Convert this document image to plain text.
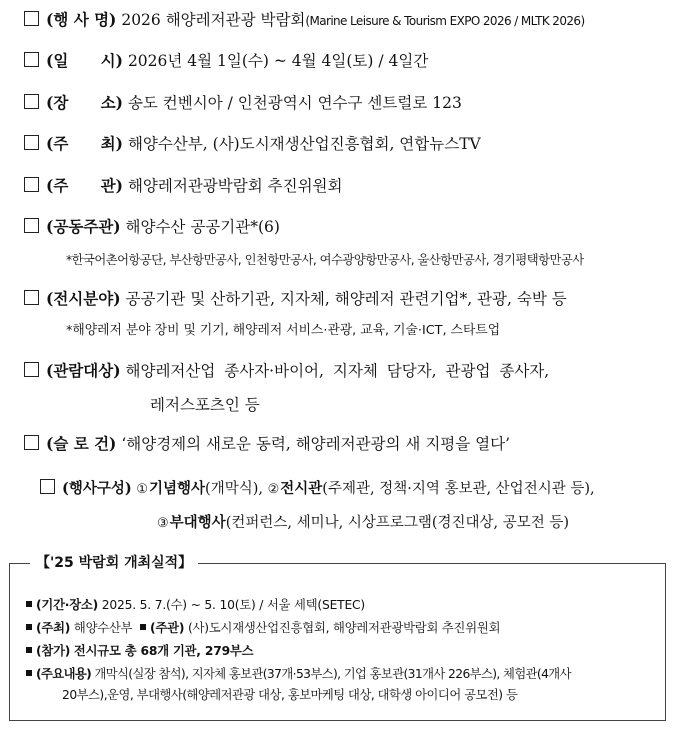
(행 사 명) 2026 해양레저관광 박람회(Marine Leisure & Tourism EXPO 2026 / MLTK 2026)
(일      시) 2026년 4월 1일(수) ~ 4월 4일(토) / 4일간
(장      소) 송도 컨벤시아 / 인천광역시 연수구 센트럴로 123
(주      최) 해양수산부, (사)도시재생산업진흥협회, 연합뉴스TV
(주      관) 해양레저관광박람회 추진위원회
(공동주관) 해양수산 공공기관*(6)
*한국어촌어항공단, 부산항만공사, 인천항만공사, 여수광양항만공사, 울산항만공사, 경기평택항만공사
(전시분야) 공공기관 및 산하기관, 지자체, 해양레저 관련기업*, 관광, 숙박 등
*해양레저 분야 장비 및 기기, 해양레저 서비스·관광, 교육, 기술·ICT, 스타트업
(관람대상) 해양레저산업 종사자·바이어, 지자체 담당자, 관광업 종사자,
레저스포츠인 등
(슬 로 건) ‘해양경제의 새로운 동력, 해양레저관광의 새 지평을 열다’
(행사구성) ①기념행사(개막식), ②전시관(주제관, 정책·지역 홍보관, 산업전시관 등),
③부대행사(컨퍼런스, 세미나, 시상프로그램(경진대상, 공모전 등)
【'25 박람회 개최실적】
(기간·장소) 2025. 5. 7.(수) ~ 5. 10(토) / 서울 세텍(SETEC)
(주최) 해양수산부 (주관) (사)도시재생산업진흥협회, 해양레저관광박람회 추진위원회
(참가) 전시규모 총 68개 기관, 279부스
(주요내용) 개막식(실장 참석), 지자체 홍보관(37개·53부스), 기업 홍보관(31개사 226부스), 체험관(4개사
20부스),운영, 부대행사(해양레저관광 대상, 홍보마케팅 대상, 대학생 아이디어 공모전) 등
